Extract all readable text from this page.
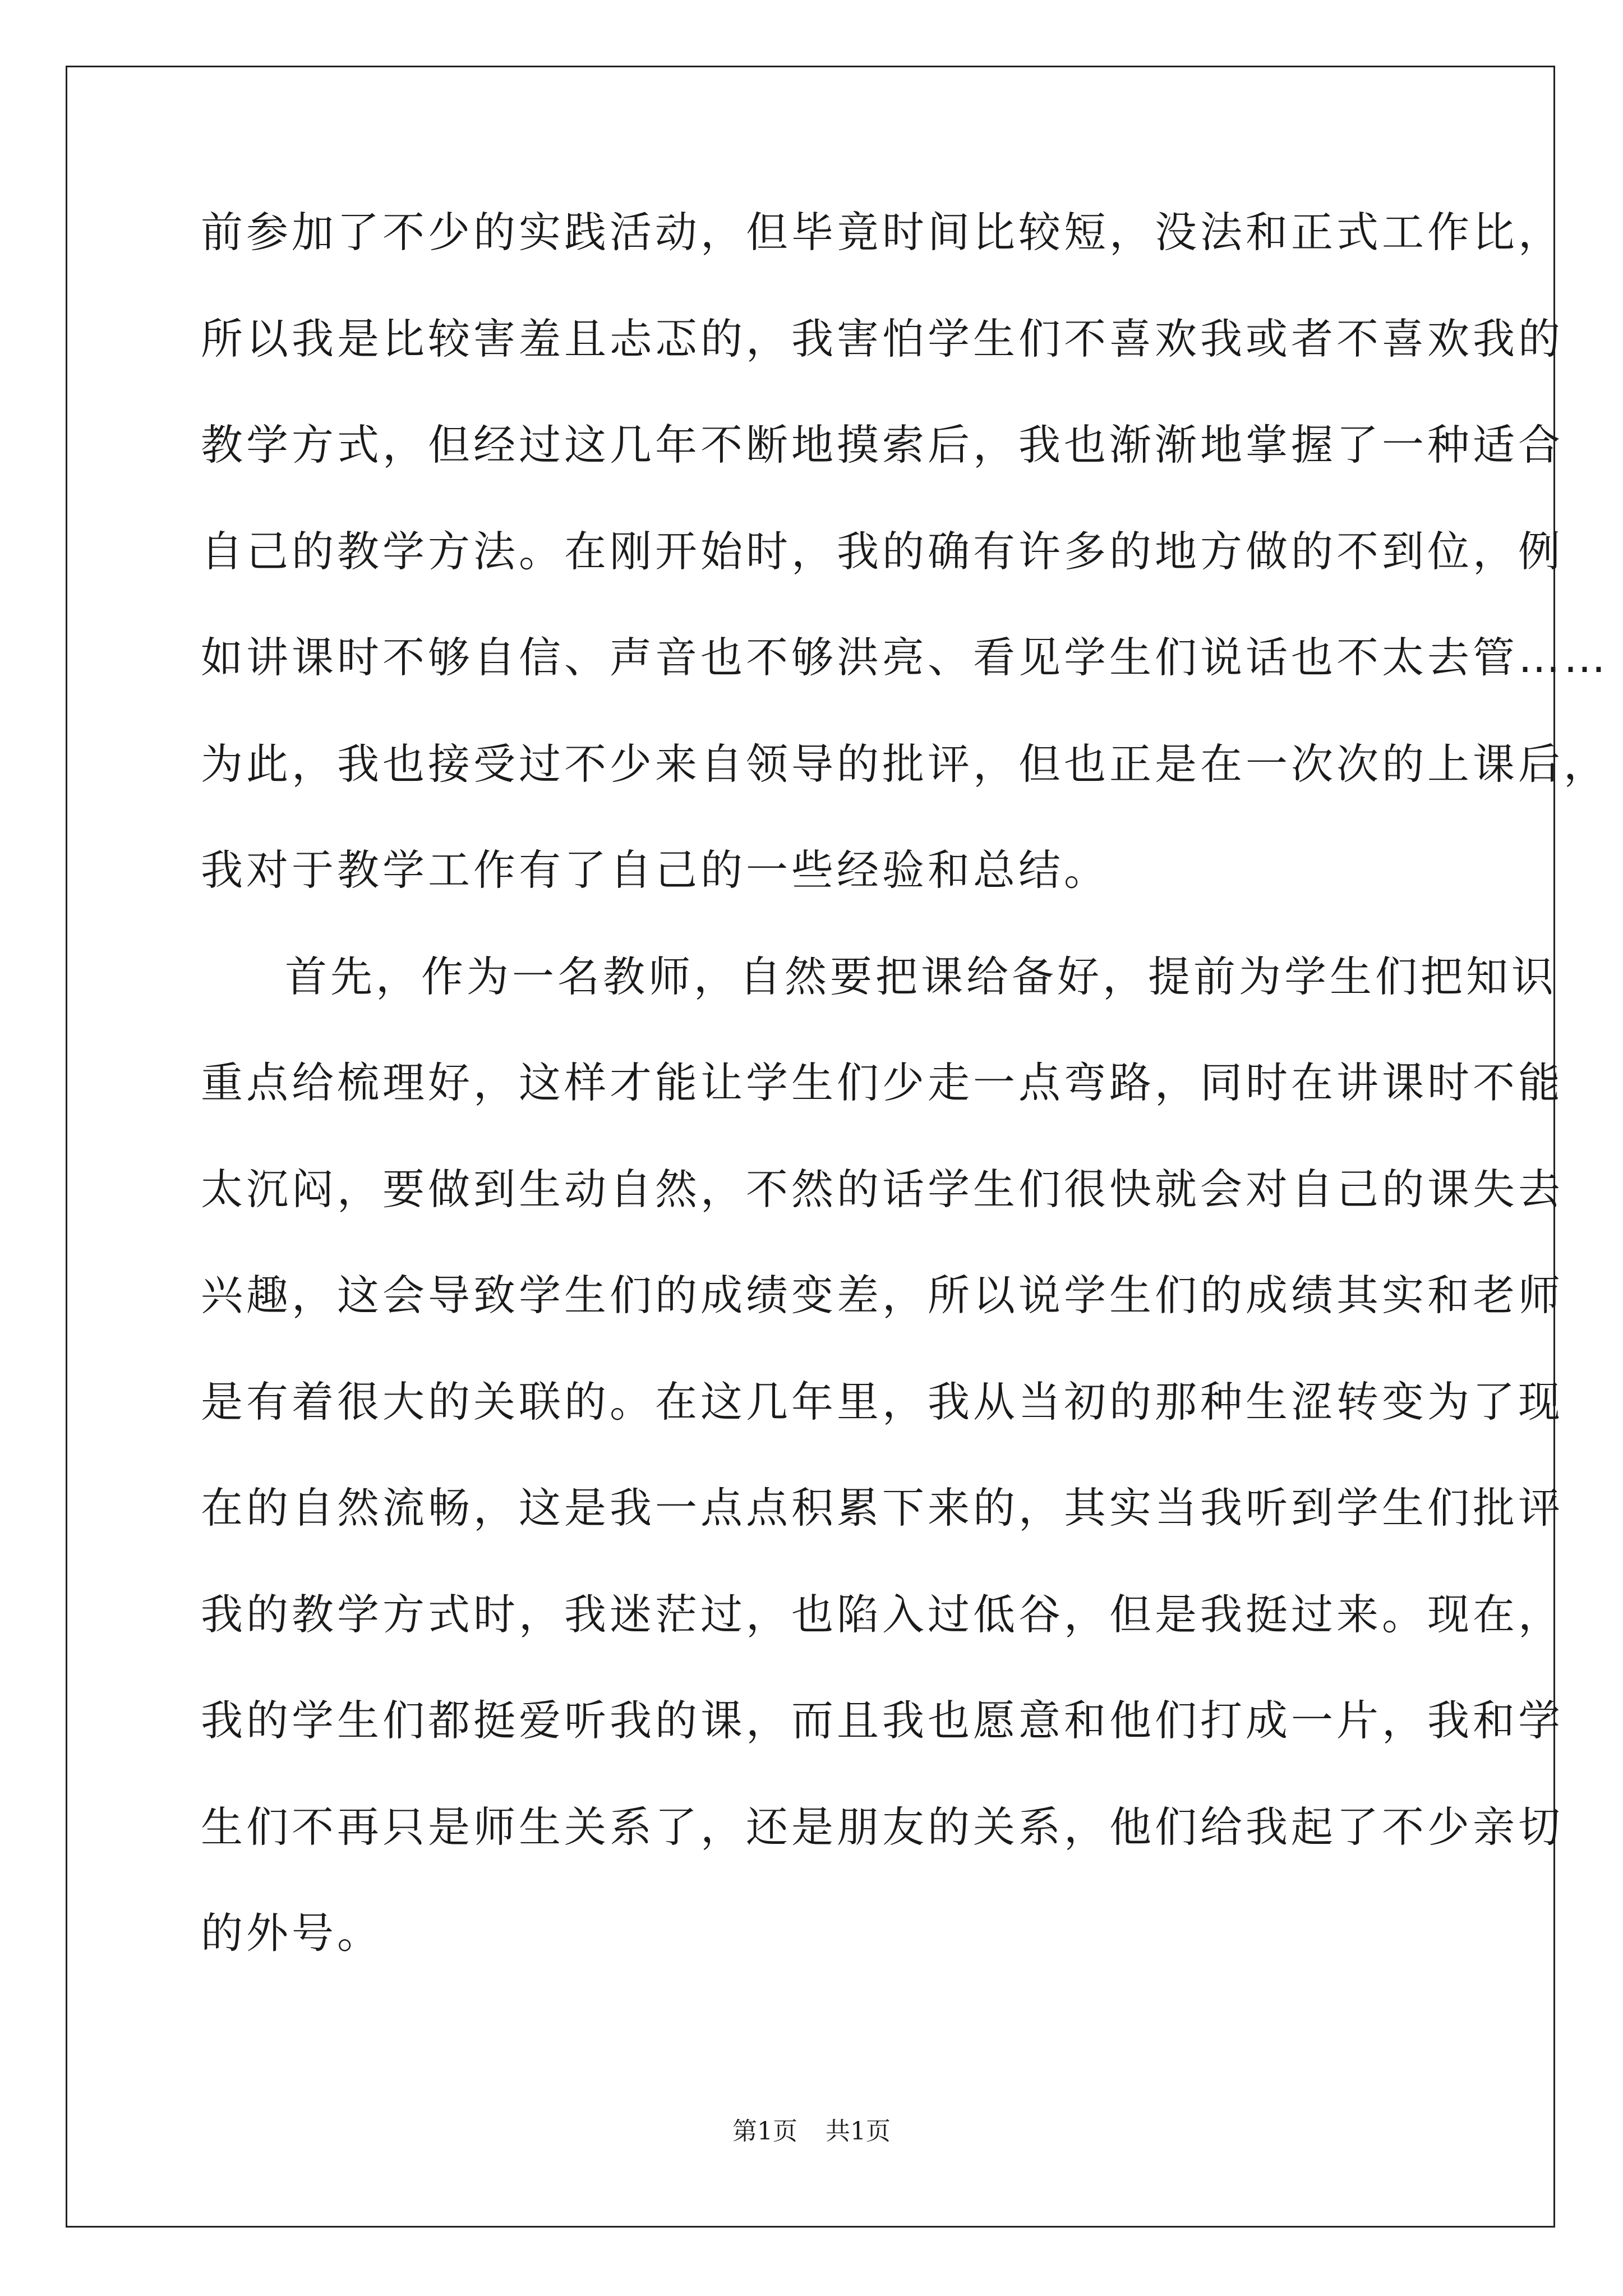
前参加了不少的实践活动，但毕竟时间比较短，没法和正式工作比，
所以我是比较害羞且忐忑的，我害怕学生们不喜欢我或者不喜欢我的
教学方式，但经过这几年不断地摸索后，我也渐渐地掌握了一种适合
自己的教学方法。在刚开始时，我的确有许多的地方做的不到位，例
如讲课时不够自信、声音也不够洪亮、看见学生们说话也不太去管……
为此，我也接受过不少来自领导的批评，但也正是在一次次的上课后，
我对于教学工作有了自己的一些经验和总结。
首先，作为一名教师，自然要把课给备好，提前为学生们把知识
重点给梳理好，这样才能让学生们少走一点弯路，同时在讲课时不能
太沉闷，要做到生动自然，不然的话学生们很快就会对自己的课失去
兴趣，这会导致学生们的成绩变差，所以说学生们的成绩其实和老师
是有着很大的关联的。在这几年里，我从当初的那种生涩转变为了现
在的自然流畅，这是我一点点积累下来的，其实当我听到学生们批评
我的教学方式时，我迷茫过，也陷入过低谷，但是我挺过来。现在，
我的学生们都挺爱听我的课，而且我也愿意和他们打成一片，我和学
生们不再只是师生关系了，还是朋友的关系，他们给我起了不少亲切
的外号。
第1页 共1页
